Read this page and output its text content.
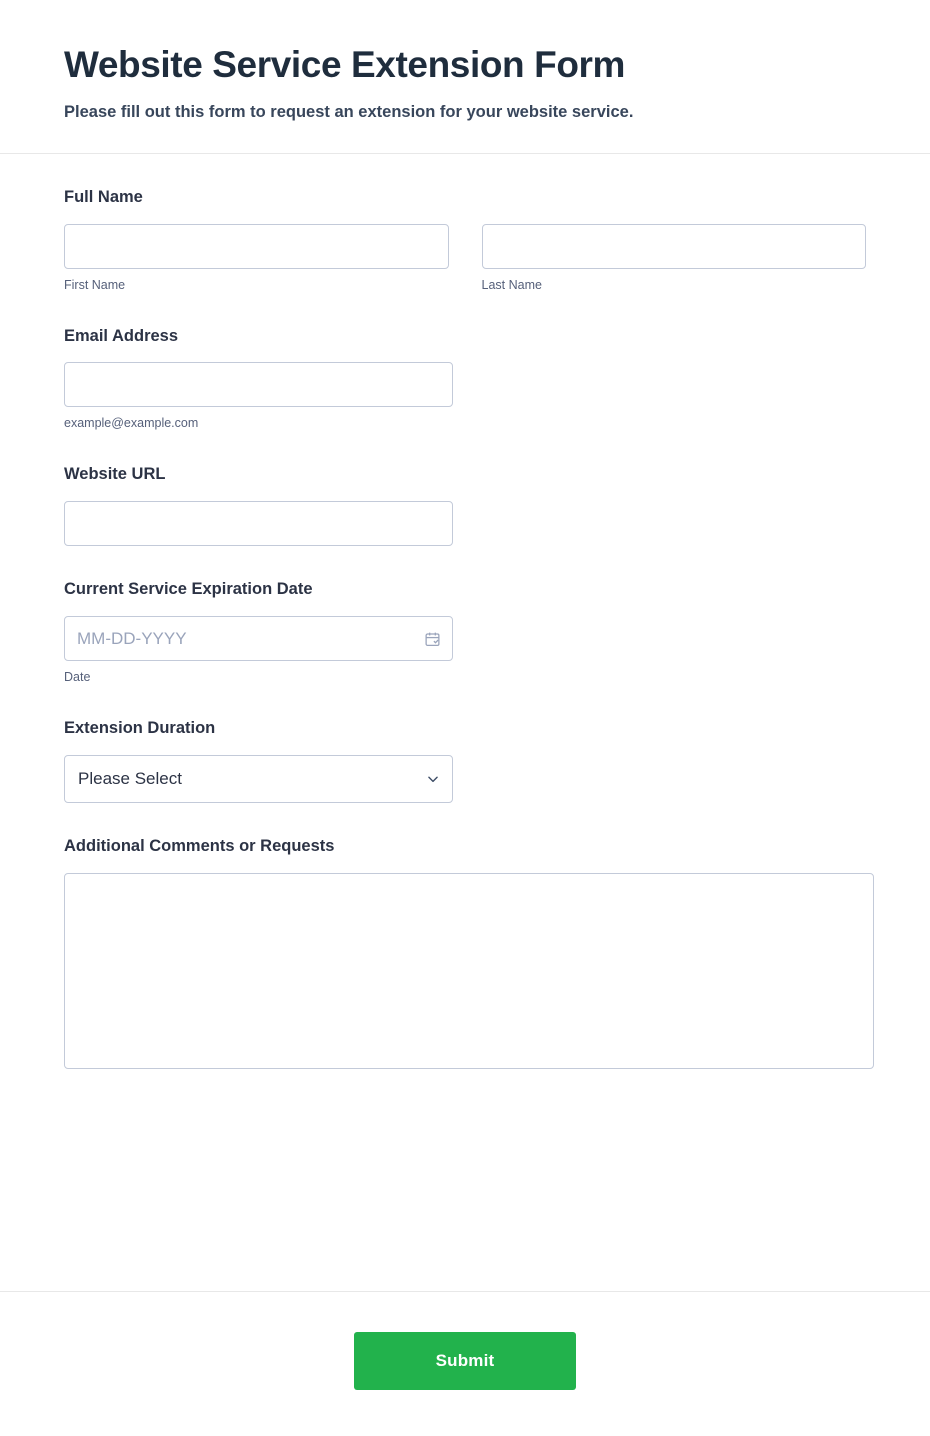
Website Service Extension Form

Please fill out this form to request an extension for your website service.

Full Name
First Name	Last Name
Email Address
example@example.com
Website URL
Current Service Expiration Date
MM-DD-YYYY
Date
Extension Duration
Please Select
Additional Comments or Requests
Submit
